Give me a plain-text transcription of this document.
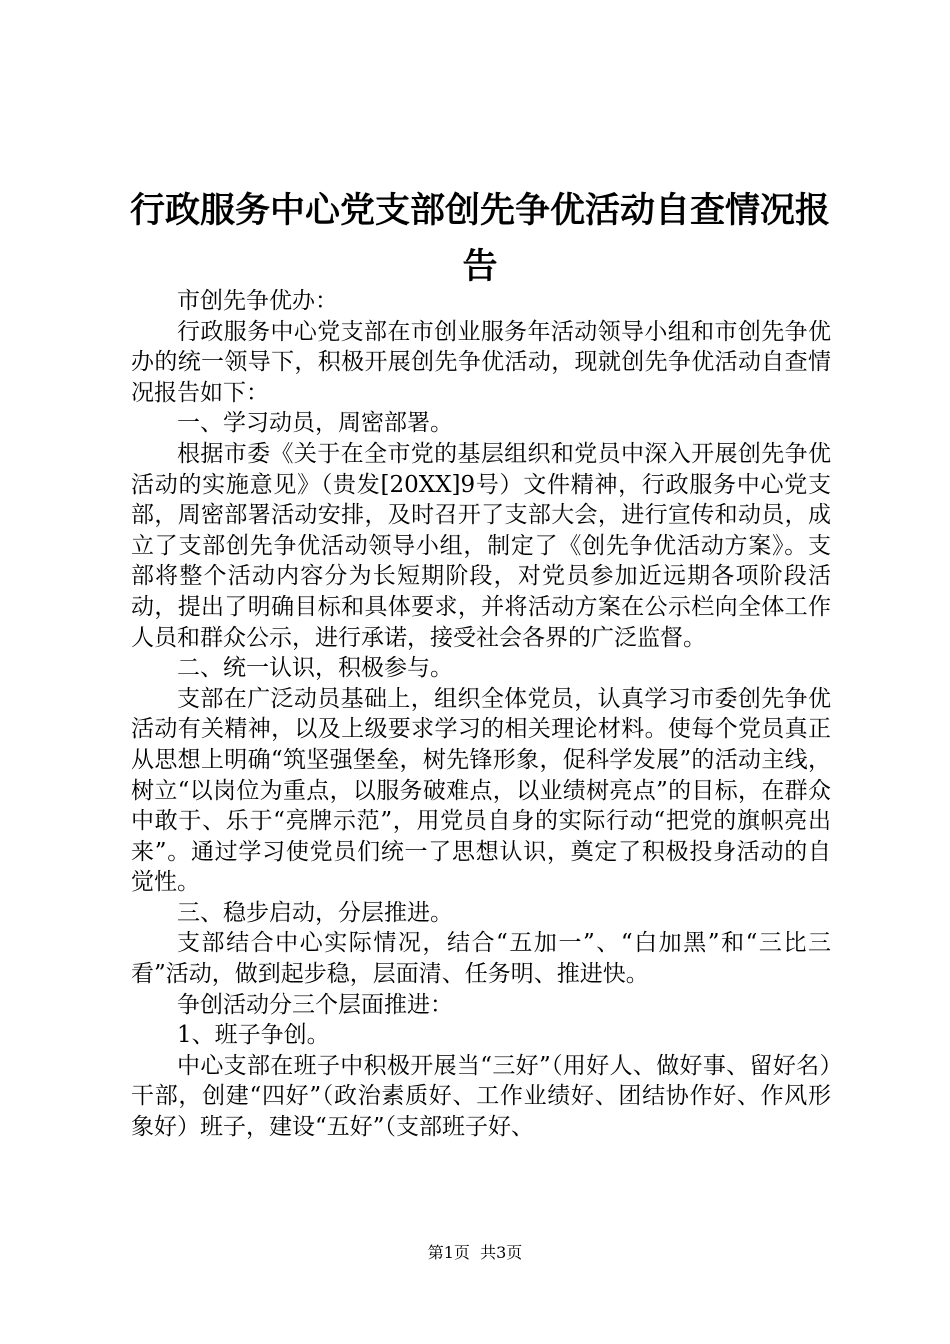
行政服务中心党支部创先争优活动自查情况报告

市创先争优办：

行政服务中心党支部在市创业服务年活动领导小组和市创先争优办的统一领导下，积极开展创先争优活动，现就创先争优活动自查情况报告如下：

一、学习动员，周密部署。

根据市委《关于在全市党的基层组织和党员中深入开展创先争优活动的实施意见》（贵发[20XX]9号）文件精神，行政服务中心党支部，周密部署活动安排，及时召开了支部大会，进行宣传和动员，成立了支部创先争优活动领导小组，制定了《创先争优活动方案》。支部将整个活动内容分为长短期阶段，对党员参加近远期各项阶段活动，提出了明确目标和具体要求，并将活动方案在公示栏向全体工作人员和群众公示，进行承诺，接受社会各界的广泛监督。

二、统一认识，积极参与。

支部在广泛动员基础上，组织全体党员，认真学习市委创先争优活动有关精神，以及上级要求学习的相关理论材料。使每个党员真正从思想上明确“筑坚强堡垒，树先锋形象，促科学发展”的活动主线，树立“以岗位为重点，以服务破难点，以业绩树亮点”的目标，在群众中敢于、乐于“亮牌示范”，用党员自身的实际行动“把党的旗帜亮出来”。通过学习使党员们统一了思想认识，奠定了积极投身活动的自觉性。

三、稳步启动，分层推进。

支部结合中心实际情况，结合“五加一”、“白加黑”和“三比三看”活动，做到起步稳，层面清、任务明、推进快。

争创活动分三个层面推进：

1、班子争创。

中心支部在班子中积极开展当“三好”（用好人、做好事、留好名）干部，创建“四好”（政治素质好、工作业绩好、团结协作好、作风形象好）班子，建设“五好”（支部班子好、

第1页 共3页
